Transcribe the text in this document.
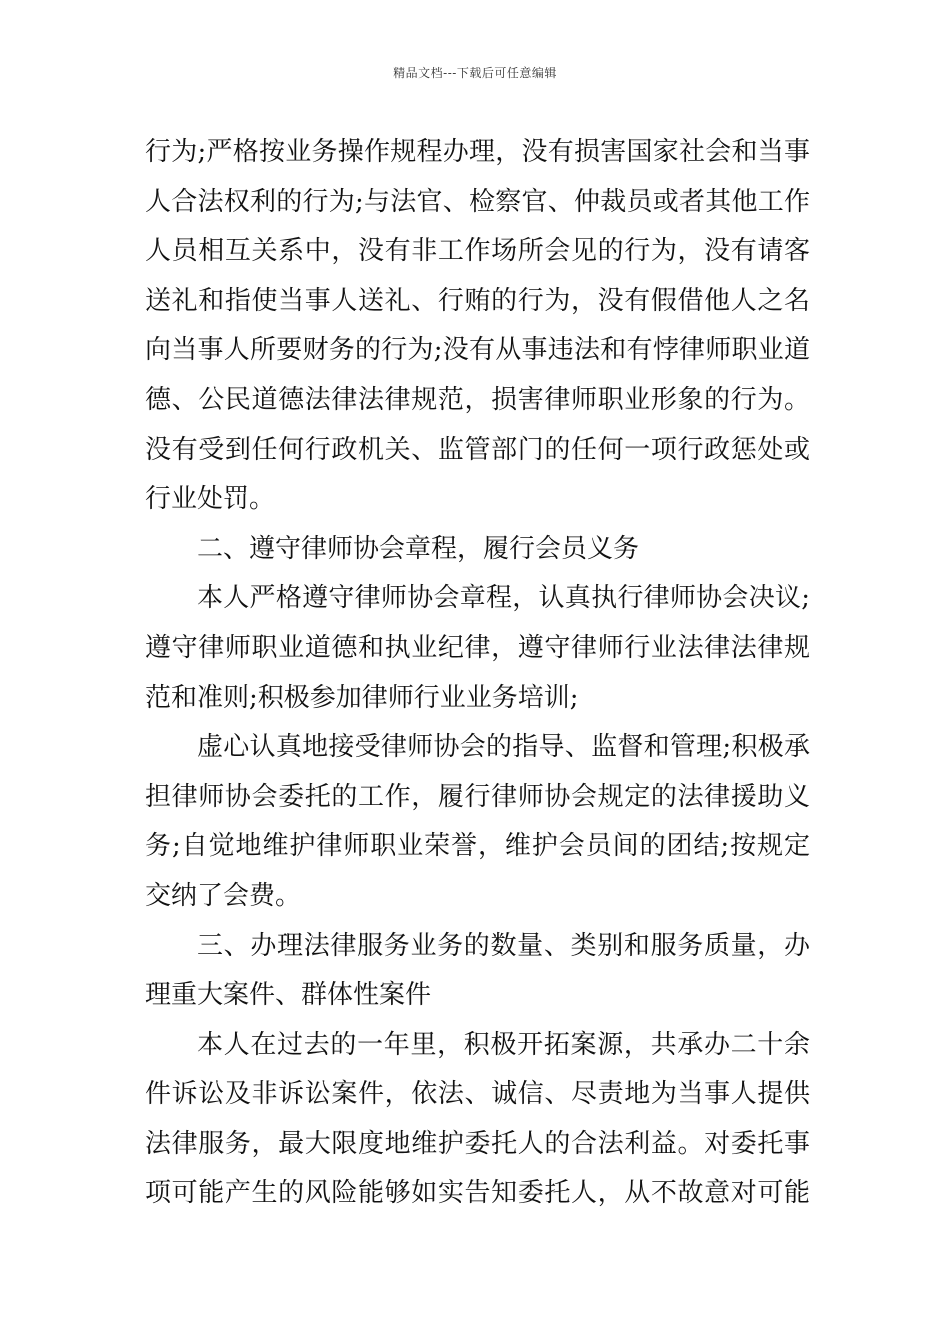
精品文档---下载后可任意编辑
行为;严格按业务操作规程办理，没有损害国家社会和当事
人合法权利的行为;与法官、检察官、仲裁员或者其他工作
人员相互关系中，没有非工作场所会见的行为，没有请客
送礼和指使当事人送礼、行贿的行为，没有假借他人之名
向当事人所要财务的行为;没有从事违法和有悖律师职业道
德、公民道德法律法律规范，损害律师职业形象的行为。
没有受到任何行政机关、监管部门的任何一项行政惩处或
行业处罚。
二、遵守律师协会章程，履行会员义务
本人严格遵守律师协会章程，认真执行律师协会决议;
遵守律师职业道德和执业纪律，遵守律师行业法律法律规
范和准则;积极参加律师行业业务培训;
虚心认真地接受律师协会的指导、监督和管理;积极承
担律师协会委托的工作，履行律师协会规定的法律援助义
务;自觉地维护律师职业荣誉，维护会员间的团结;按规定
交纳了会费。
三、办理法律服务业务的数量、类别和服务质量，办
理重大案件、群体性案件
本人在过去的一年里，积极开拓案源，共承办二十余
件诉讼及非诉讼案件，依法、诚信、尽责地为当事人提供
法律服务，最大限度地维护委托人的合法利益。对委托事
项可能产生的风险能够如实告知委托人，从不故意对可能
